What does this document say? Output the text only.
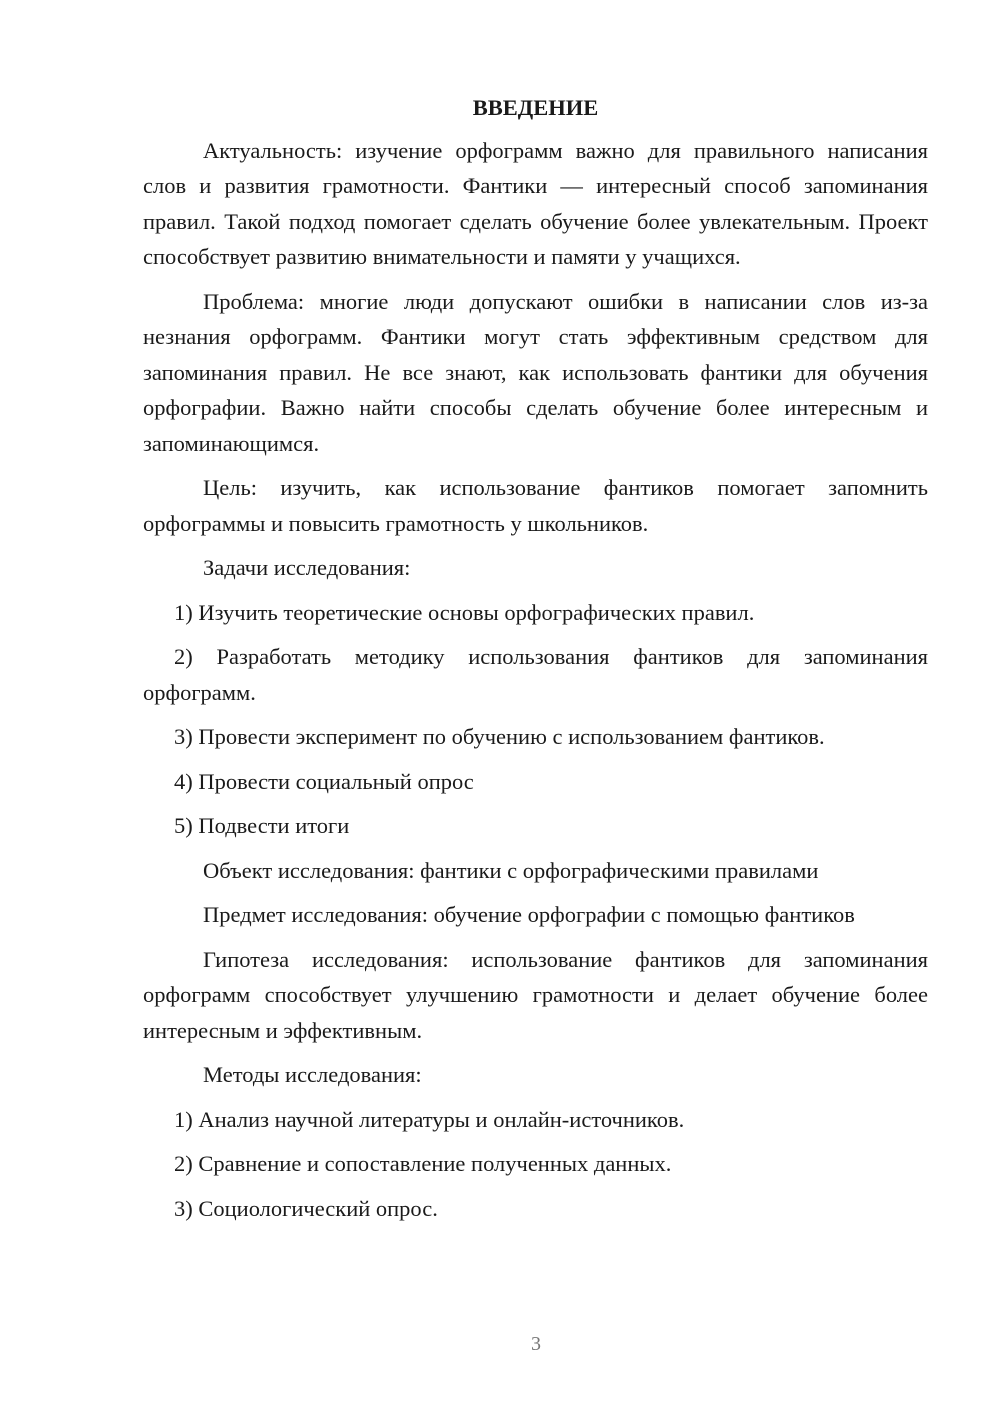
ВВЕДЕНИЕ

Актуальность: изучение орфограмм важно для правильного написания слов и развития грамотности. Фантики — интересный способ запоминания правил. Такой подход помогает сделать обучение более увлекательным. Проект способствует развитию внимательности и памяти у учащихся.

Проблема: многие люди допускают ошибки в написании слов из-за незнания орфограмм. Фантики могут стать эффективным средством для запоминания правил. Не все знают, как использовать фантики для обучения орфографии. Важно найти способы сделать обучение более интересным и запоминающимся.

Цель: изучить, как использование фантиков помогает запомнить орфограммы и повысить грамотность у школьников.

Задачи исследования:

1) Изучить теоретические основы орфографических правил.

2) Разработать методику использования фантиков для запоминания орфограмм.

3) Провести эксперимент по обучению с использованием фантиков.

4) Провести социальный опрос

5) Подвести итоги

Объект исследования: фантики с орфографическими правилами

Предмет исследования: обучение орфографии с помощью фантиков

Гипотеза исследования: использование фантиков для запоминания орфограмм способствует улучшению грамотности и делает обучение более интересным и эффективным.

Методы исследования:

1) Анализ научной литературы и онлайн-источников.

2) Сравнение и сопоставление полученных данных.

3) Социологический опрос.

3
